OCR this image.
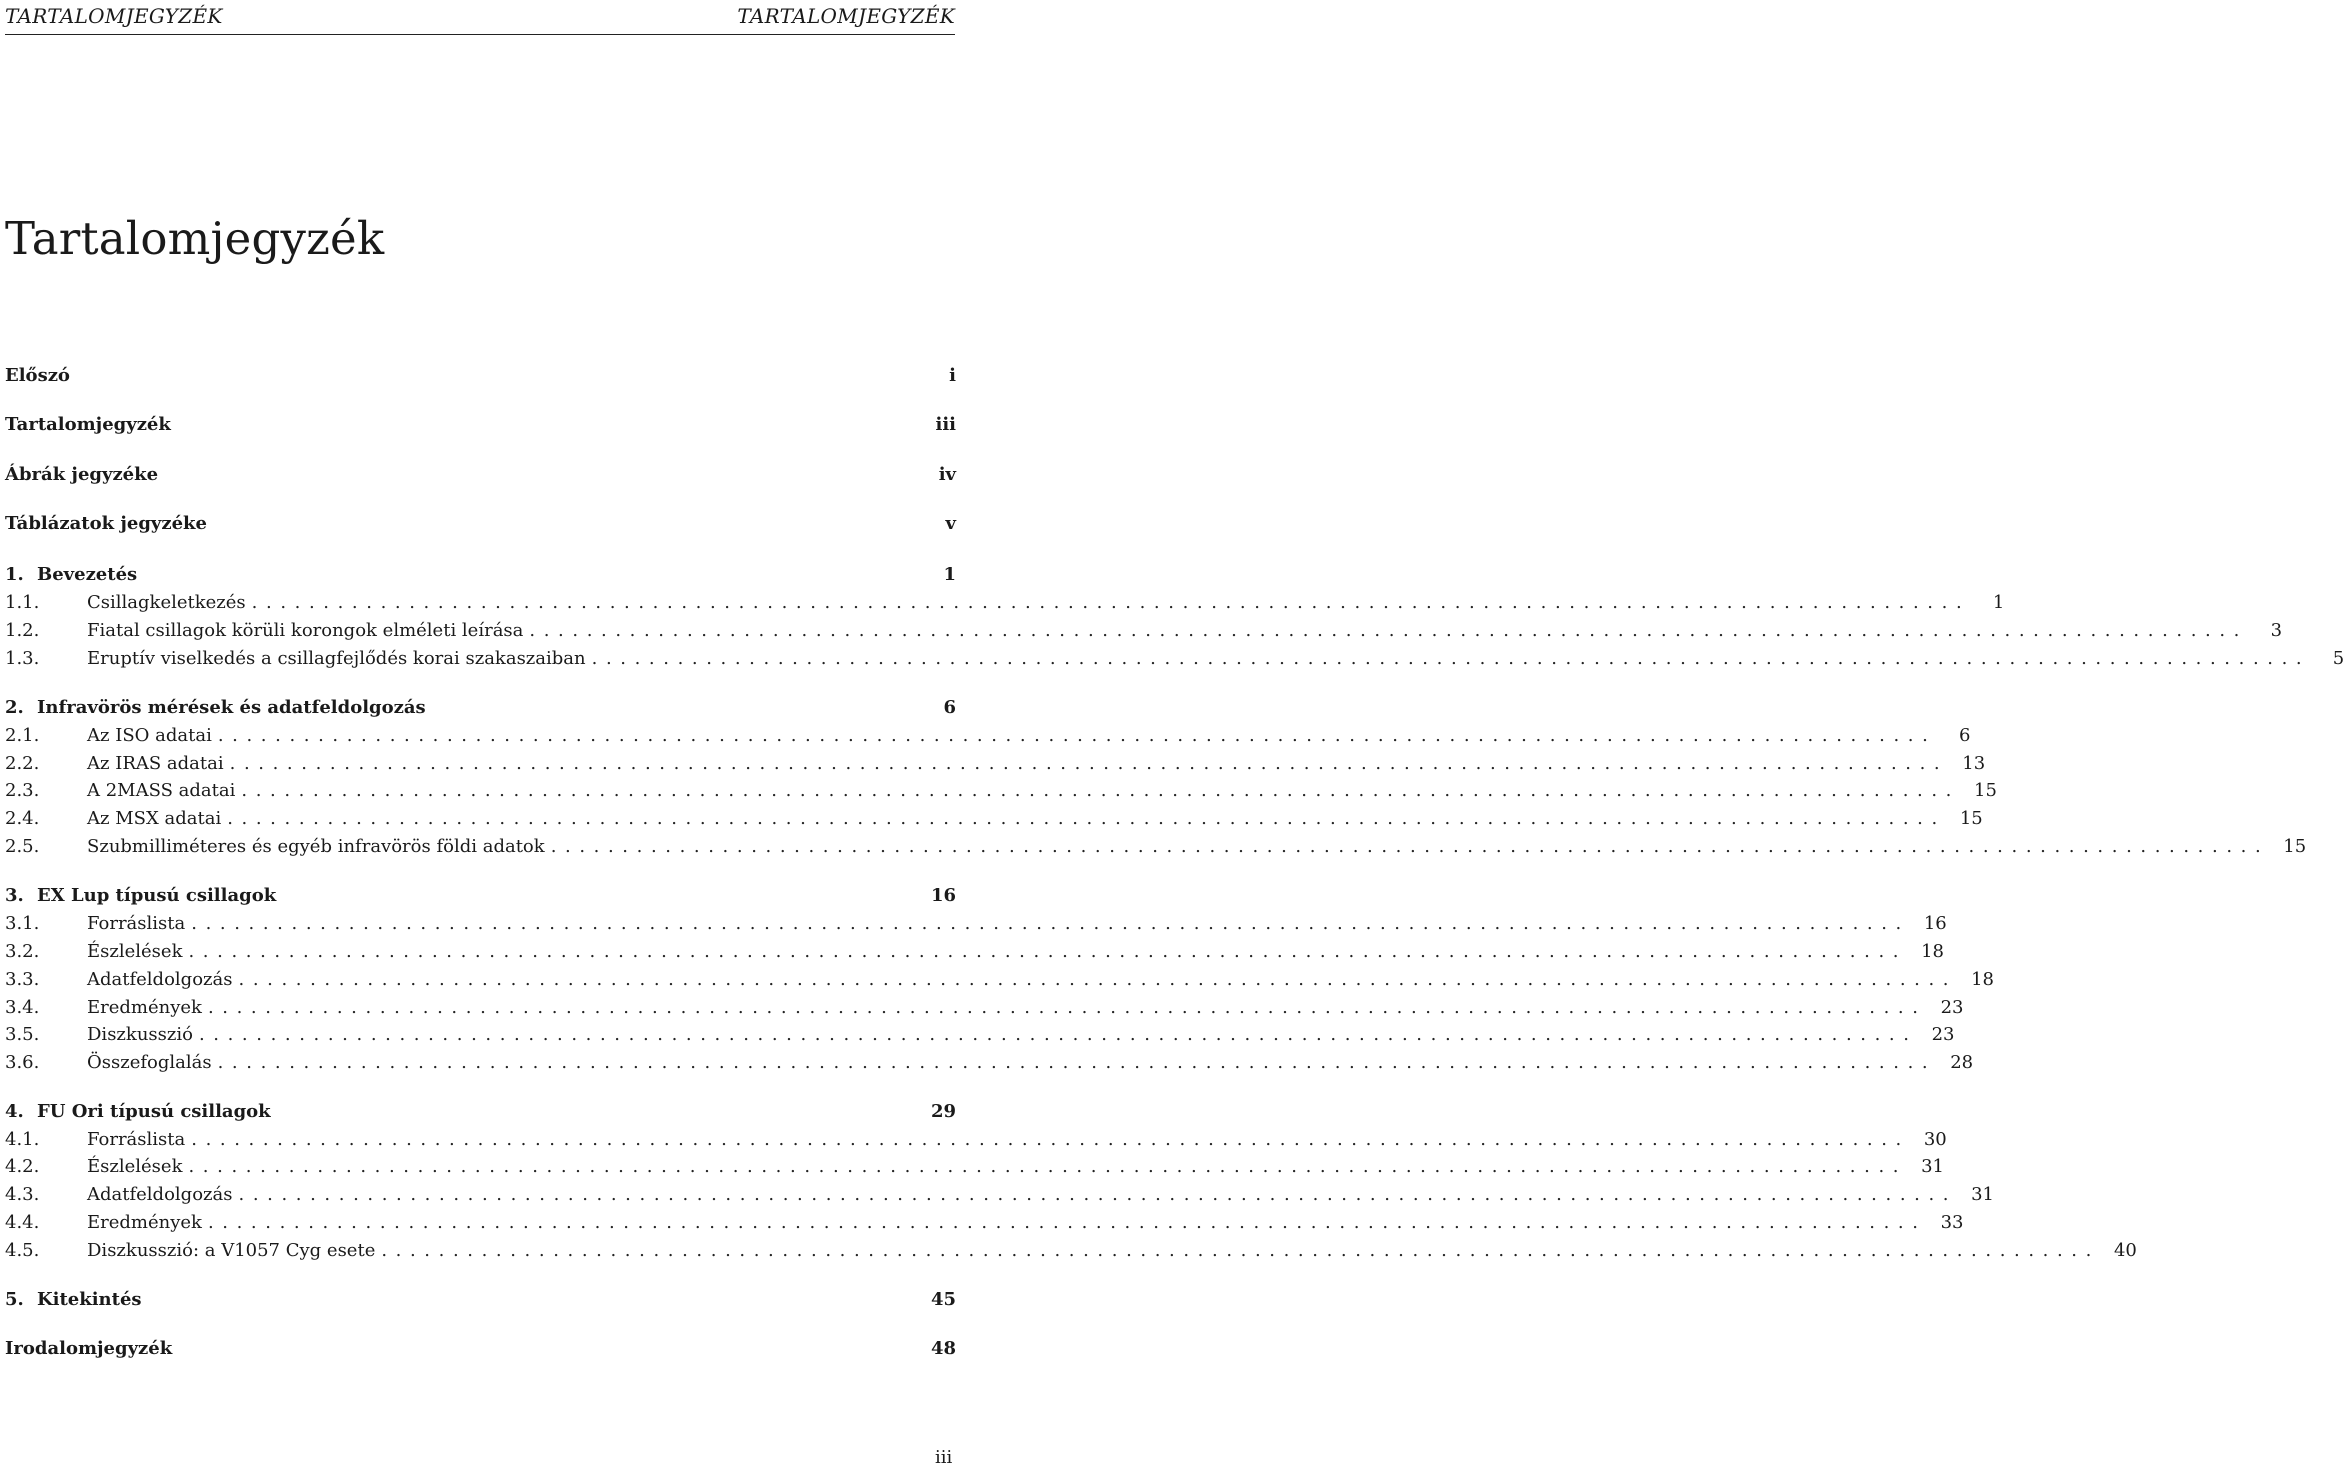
TARTALOMJEGYZÉK	TARTALOMJEGYZÉK
Tartalomjegyzék
Előszó	i
Tartalomjegyzék	iii
Ábrák jegyzéke	iv
Táblázatok jegyzéke	v
1. Bevezetés	1
1.1.	Csillagkeletkezés ........................................................................................................................	1
1.2.	Fiatal csillagok körüli korongok elméleti leírása ........................................................................................................................	3
1.3.	Eruptív viselkedés a csillagfejlődés korai szakaszaiban ........................................................................................................................	5
2. Infravörös mérések és adatfeldolgozás	6
2.1.	Az ISO adatai ........................................................................................................................	6
2.2.	Az IRAS adatai ........................................................................................................................ 13
2.3.	A 2MASS adatai ........................................................................................................................ 15
2.4.	Az MSX adatai ........................................................................................................................ 15
2.5.	Szubmilliméteres és egyéb infravörös földi adatok ........................................................................................................................ 15
3. EX Lup típusú csillagok	16
3.1.	Forráslista ........................................................................................................................ 16
3.2.	Észlelések ........................................................................................................................ 18
3.3.	Adatfeldolgozás ........................................................................................................................ 18
3.4.	Eredmények ........................................................................................................................ 23
3.5.	Diszkusszió ........................................................................................................................ 23
3.6.	Összefoglalás ........................................................................................................................ 28
4. FU Ori típusú csillagok	29
4.1.	Forráslista ........................................................................................................................ 30
4.2.	Észlelések ........................................................................................................................ 31
4.3.	Adatfeldolgozás ........................................................................................................................ 31
4.4.	Eredmények ........................................................................................................................ 33
4.5.	Diszkusszió: a V1057 Cyg esete ........................................................................................................................ 40
5. Kitekintés	45
Irodalomjegyzék	48
iii
